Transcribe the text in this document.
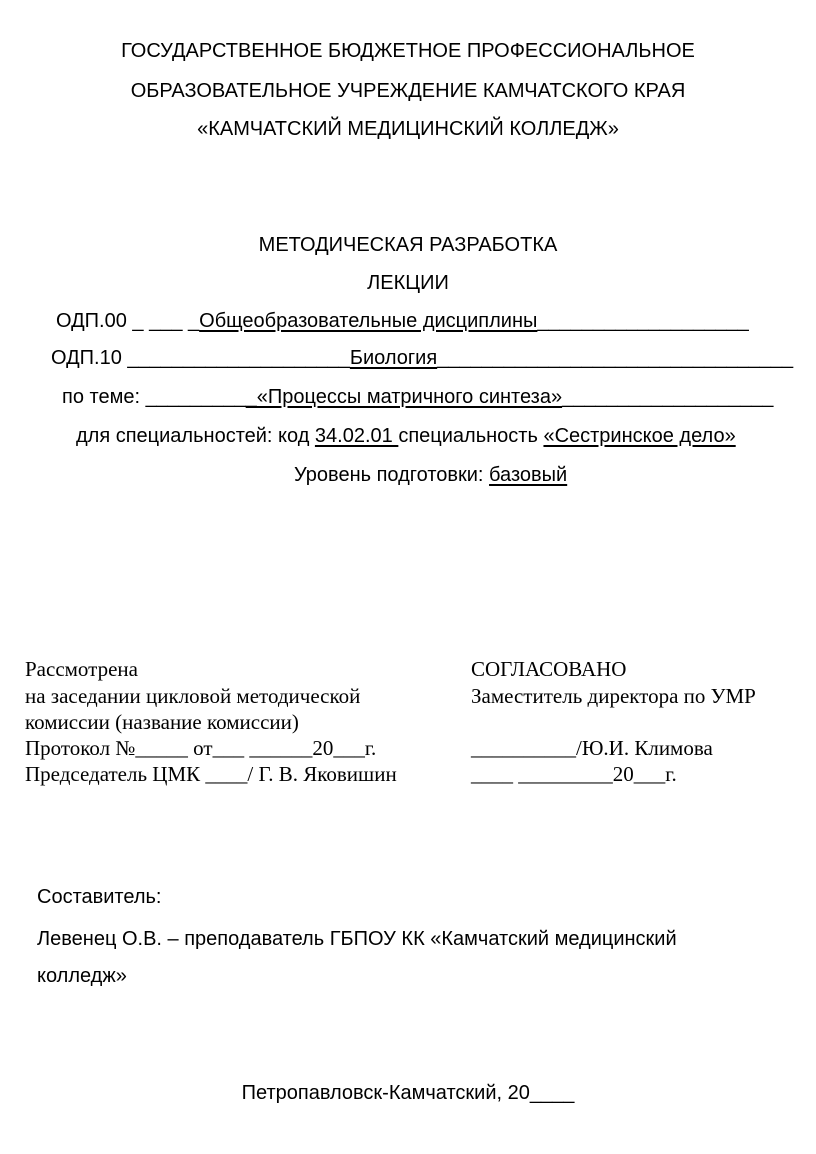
ГОСУДАРСТВЕННОЕ БЮДЖЕТНОЕ ПРОФЕССИОНАЛЬНОЕ
ОБРАЗОВАТЕЛЬНОЕ УЧРЕЖДЕНИЕ КАМЧАТСКОГО КРАЯ
«КАМЧАТСКИЙ МЕДИЦИНСКИЙ КОЛЛЕДЖ»
МЕТОДИЧЕСКАЯ РАЗРАБОТКА
ЛЕКЦИИ
ОДП.00 _ ___ _Общеобразовательные дисциплины___________________
ОДП.10 ____________________Биология________________________________
по теме: __________«Процессы матричного синтеза»___________________
для специальностей: код 34.02.01 специальность «Сестринское дело»
Уровень подготовки: базовый
Рассмотрена
на заседании цикловой методической
комиссии (название комиссии)
Протокол №_____ от___ ______20___г.
Председатель ЦМК ____/ Г. В. Яковишин
СОГЛАСОВАНО
Заместитель директора по УМР
__________/Ю.И. Климова
____ _________20___г.
Составитель:
Левенец О.В. – преподаватель ГБПОУ КК «Камчатский медицинский
колледж»
Петропавловск-Камчатский, 20____
